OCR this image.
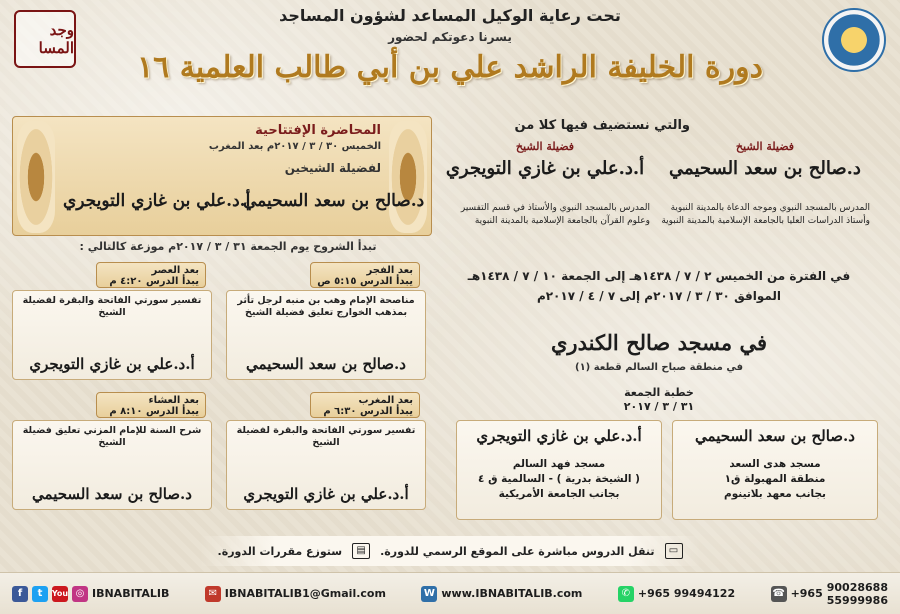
وجد المسا
تحت رعاية الوكيل المساعد لشؤون المساجد
يسرنا دعوتكم لحضور
دورة الخليفة الراشد علي بن أبي طالب العلمية ١٦
المحاضرة الإفتتاحية
الخميس ٣٠ / ٣ / ٢٠١٧م بعد المغرب
لفضيلة الشيخين
د.صالح بن سعد السحيمي
أ.د.علي بن غازي التويجري
والتي نستضيف فيها كلا من
فضيلة الشيخ
د.صالح بن سعد السحيمي
المدرس بالمسجد النبوي وموجه الدعاة بالمدينة النبوية وأستاذ الدراسات العليا بالجامعة الإسلامية بالمدينة النبوية
فضيلة الشيخ
أ.د.علي بن غازي التويجري
المدرس بالمسجد النبوي والأستاذ في قسم التفسير وعلوم القرآن بالجامعة الإسلامية بالمدينة النبوية
تبدأ الشروح يوم الجمعة ٣١ / ٣ / ٢٠١٧م موزعة كالتالي :
بعد الفجر
يبدأ الدرس ٥:١٥ ص
مناصحة الإمام وهب بن منبه لرجل تأثر بمذهب الخوارج تعليق فضيلة الشيخ
د.صالح بن سعد السحيمي
بعد العصر
يبدأ الدرس ٤:٢٠ م
تفسير سورتي الفاتحة والبقرة لفضيلة الشيخ
أ.د.علي بن غازي التويجري
بعد المغرب
يبدأ الدرس ٦:٣٠ م
تفسير سورتي الفاتحة والبقرة لفضيلة الشيخ
أ.د.علي بن غازي التويجري
بعد العشاء
يبدأ الدرس ٨:١٠ م
شرح السنة للإمام المزني تعليق فضيلة الشيخ
د.صالح بن سعد السحيمي
في الفترة من الخميس ٢ / ٧ / ١٤٣٨هـ إلى الجمعة ١٠ / ٧ / ١٤٣٨هـ
الموافق ٣٠ / ٣ / ٢٠١٧م إلى ٧ / ٤ / ٢٠١٧م
في مسجد صالح الكندري
في منطقة صباح السالم قطعة (١)
خطبة الجمعة
٣١ / ٣ / ٢٠١٧
د.صالح بن سعد السحيمي
مسجد هدى السعد
منطقة المهبولة ق١
بجانب معهد بلاتينوم
أ.د.علي بن غازي التويجري
مسجد فهد السالم
( الشيخة بدرية ) - السالمية ق ٤
بجانب الجامعة الأمريكية
▭
تنقل الدروس مباشرة على الموقع الرسمي للدورة.
▤
ستوزع مقررات الدورة.
f	t	You ◎ IBNABITALIB	✉ IBNABITALIB1@Gmail.com	W www.IBNABITALIB.com	✆ +965 99494122	☎ +965 90028688
55999986
